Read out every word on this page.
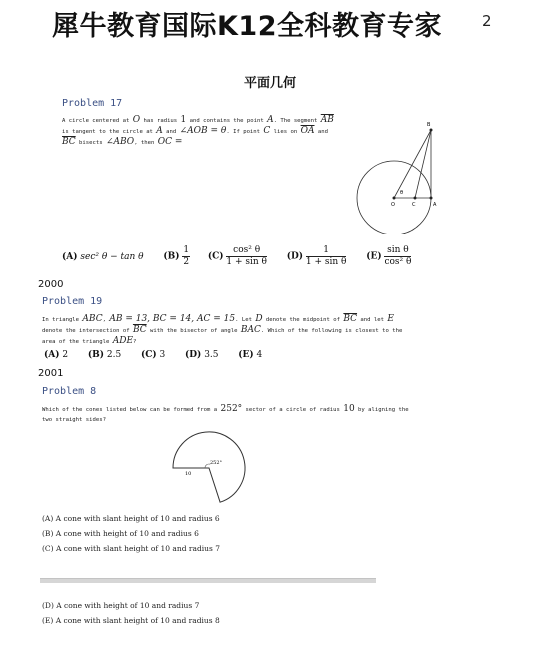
犀牛教育国际K12全科教育专家	2
平面几何
Problem 17
A circle centered at O has radius 1 and contains the point A. The segment $\overline{AB}$
is tangent to the circle at A and ∠AOB = θ. If point C lies on $\overline{OA}$ and
$\overline{BC}$ bisects ∠ABO, then OC =
B
O	C	A
θ
(A) sec² θ − tan θ $(B) \frac{1}{2} (C) \frac{\text{cos² θ}}{\text{1 + sin θ}} (D) \frac{1}{\text{1 + sin θ}} (E) \frac{\text{sin θ}}{\text{cos² θ}}$
2000
Problem 19
In triangle ABC, AB = 13, BC = 14, AC = 15. Let D denote the midpoint of $\overline{BC}$ and let E
denote the intersection of $\overline{BC}$ with the bisector of angle BAC. Which of the following is closest to the
area of the triangle ADE?
(A) 2 (B) 2.5 (C) 3 (D) 3.5 (E) 4
2001
Problem 8
Which of the cones listed below can be formed from a 252° sector of a circle of radius 10 by aligning the
two straight sides?
252°
10
(A) A cone with slant height of 10 and radius 6
(B) A cone with height of 10 and radius 6
(C) A cone with slant height of 10 and radius 7
(D) A cone with height of 10 and radius 7
(E) A cone with slant height of 10 and radius 8
